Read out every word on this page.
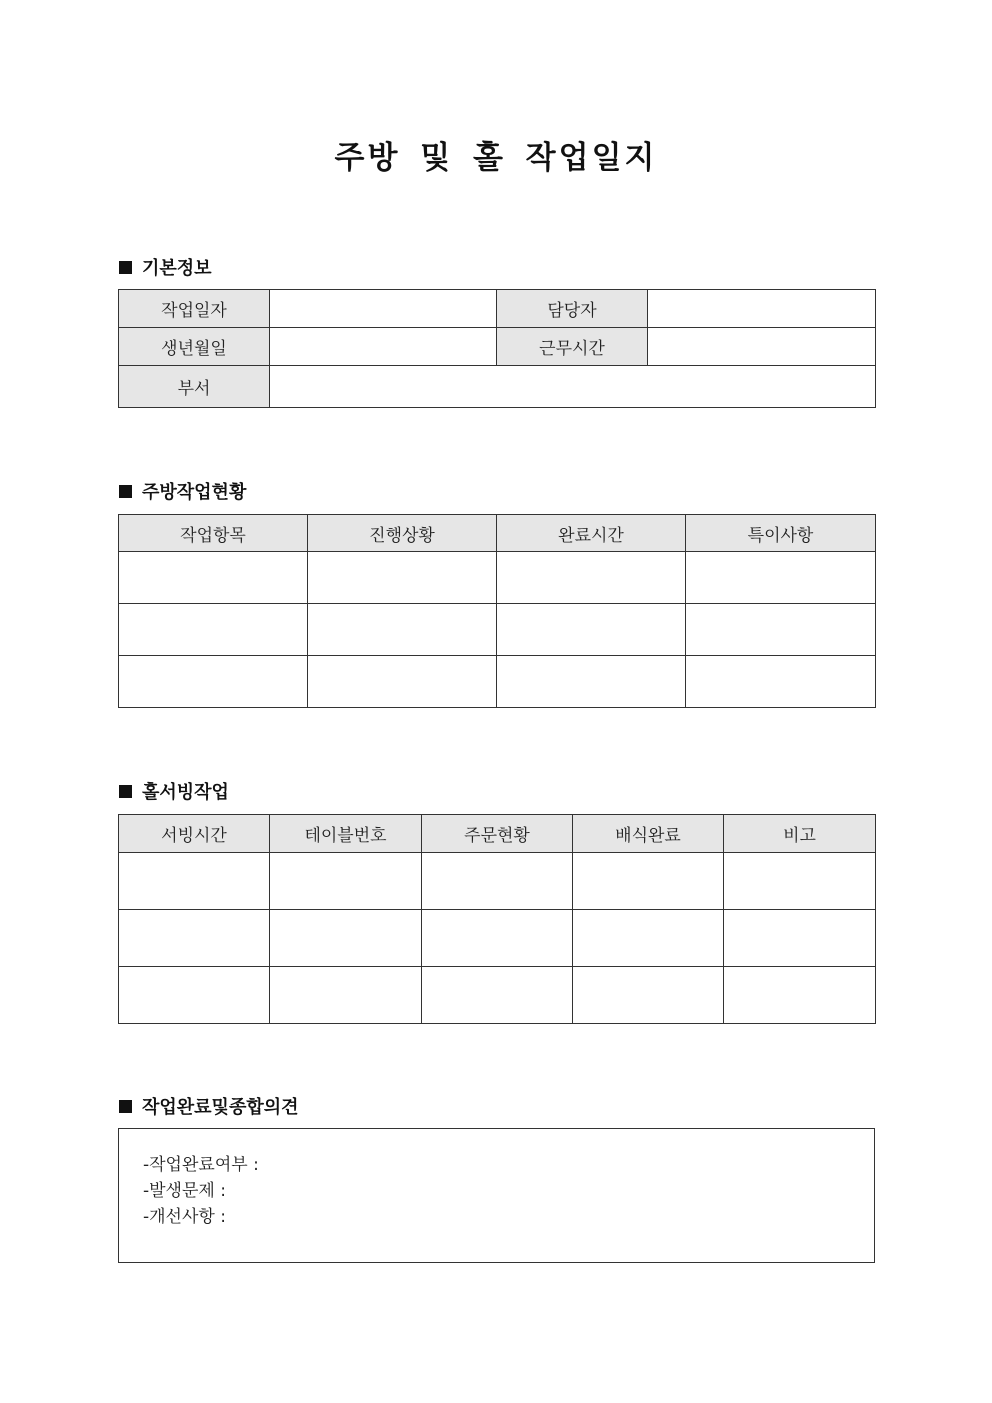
주방 및 홀 작업일지
기본정보
작업일자		담당자	
생년월일		근무시간	
부서			
주방작업현황
작업항목	진행상황	완료시간	특이사항

홀서빙작업
서빙시간	테이블번호	주문현황	배식완료	비고

작업완료및종합의견
-작업완료여부 :
-발생문제 :
-개선사항 :
